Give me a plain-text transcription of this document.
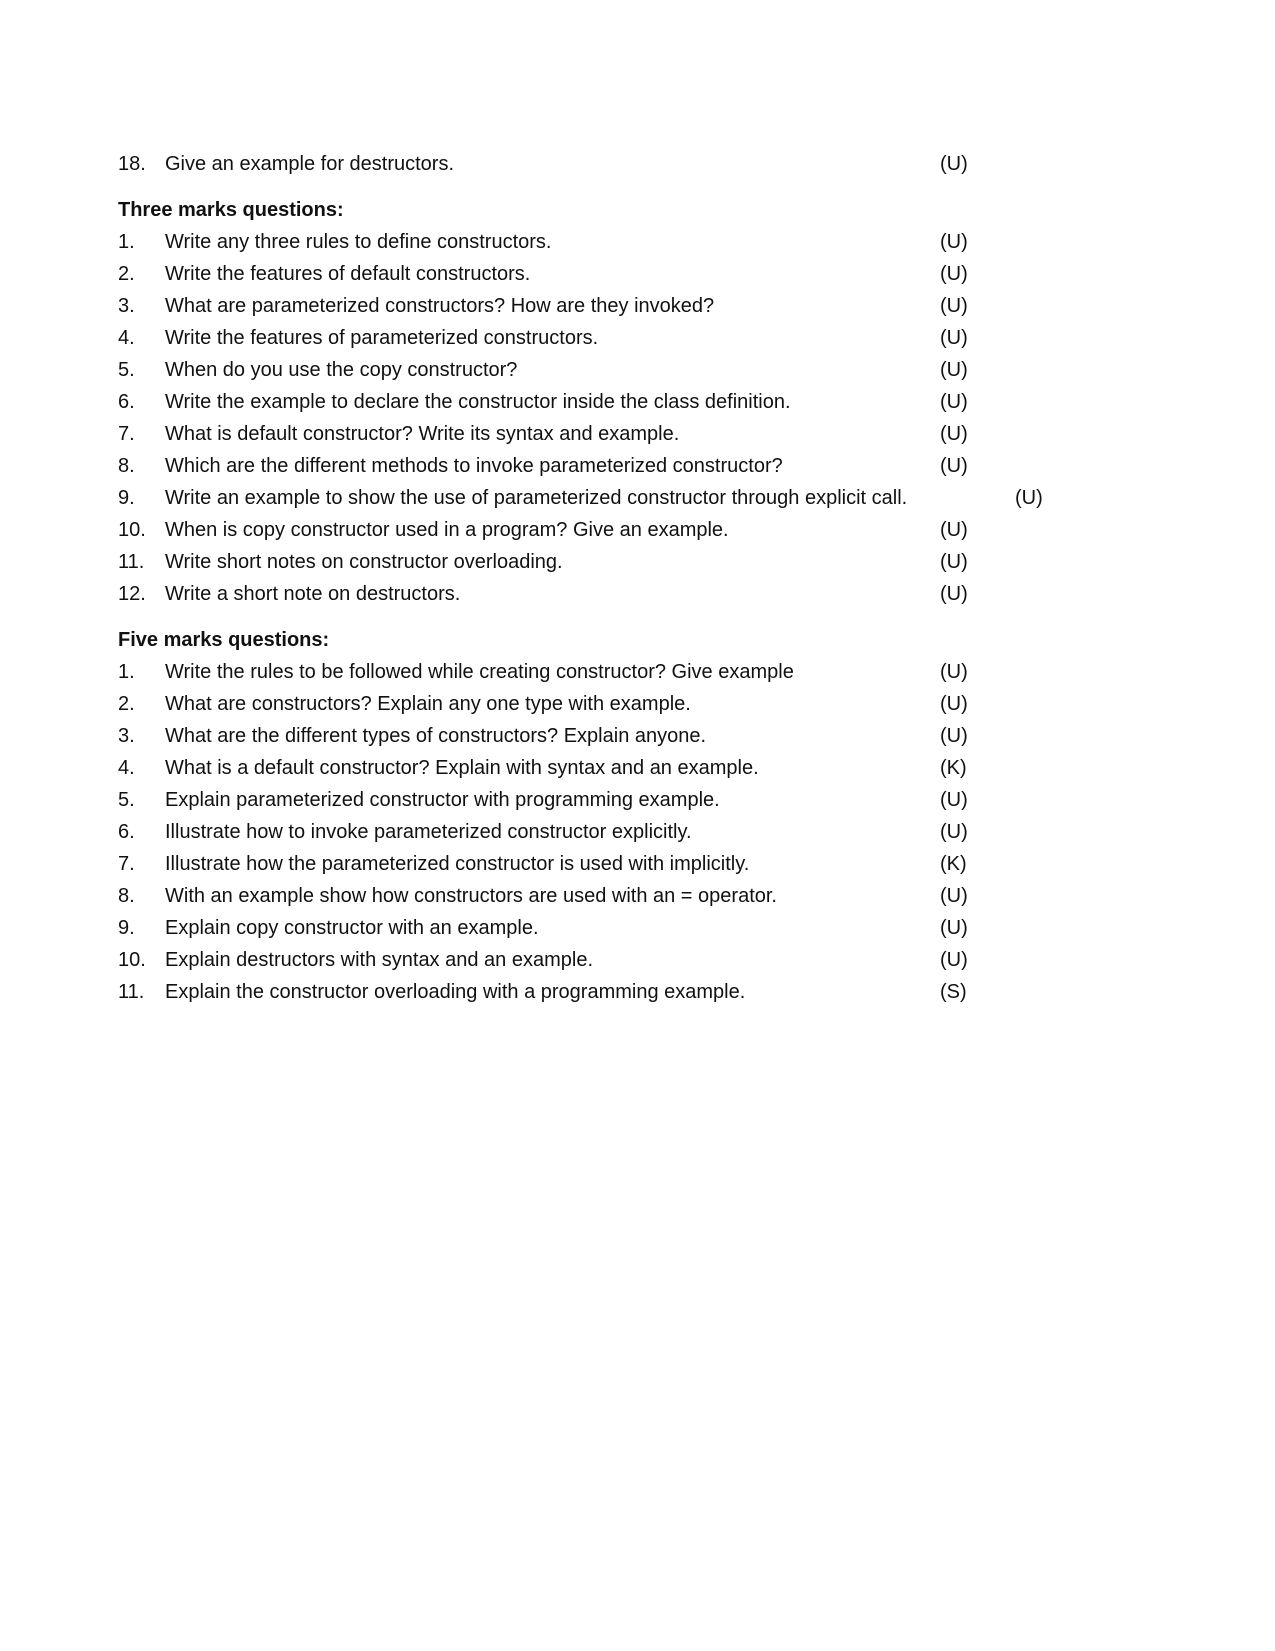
18. Give an example for destructors.	(U)
Three marks questions:
1. Write any three rules to define constructors.	(U)
2. Write the features of default constructors.	(U)
3. What are parameterized constructors? How are they invoked?	(U)
4. Write the features of parameterized constructors.	(U)
5. When do you use the copy constructor?	(U)
6. Write the example to declare the constructor inside the class definition.	(U)
7. What is default constructor? Write its syntax and example.	(U)
8. Which are the different methods to invoke parameterized constructor?	(U)
9. Write an example to show the use of parameterized constructor through explicit call.	(U)
10. When is copy constructor used in a program? Give an example.	(U)
11. Write short notes on constructor overloading.	(U)
12. Write a short note on destructors.	(U)
Five marks questions:
1. Write the rules to be followed while creating constructor? Give example	(U)
2. What are constructors? Explain any one type with example.	(U)
3. What are the different types of constructors? Explain anyone.	(U)
4. What is a default constructor? Explain with syntax and an example.	(K)
5. Explain parameterized constructor with programming example.	(U)
6. Illustrate how to invoke parameterized constructor explicitly.	(U)
7. Illustrate how the parameterized constructor is used with implicitly.	(K)
8. With an example show how constructors are used with an = operator.	(U)
9. Explain copy constructor with an example.	(U)
10. Explain destructors with syntax and an example.	(U)
11. Explain the constructor overloading with a programming example.	(S)
